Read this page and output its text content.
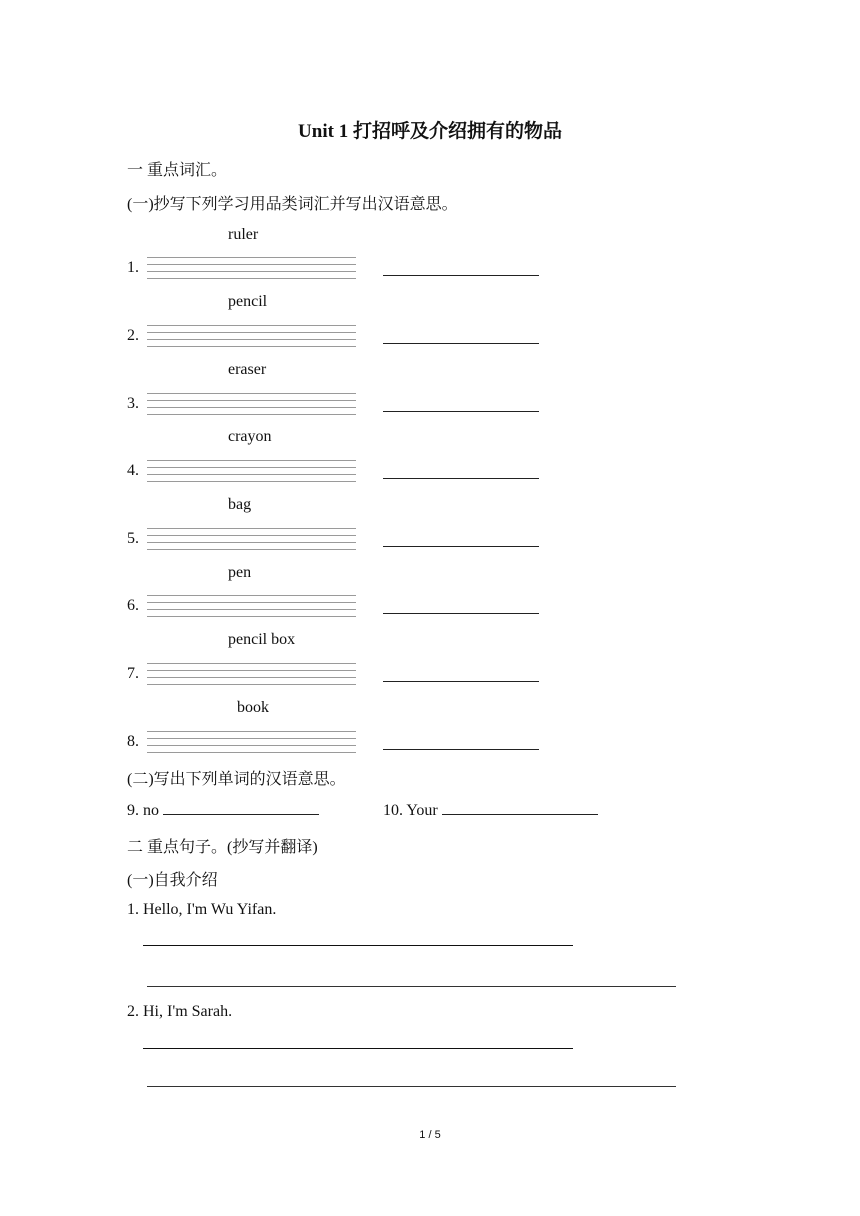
Unit 1 打招呼及介绍拥有的物品
一 重点词汇。
(一)抄写下列学习用品类词汇并写出汉语意思。
ruler
1.
pencil
2.
eraser
3.
crayon
4.
bag
5.
pen
6.
pencil box
7.
book
8.
(二)写出下列单词的汉语意思。
9. no	10. Your
二 重点句子。(抄写并翻译)
(一)自我介绍
1. Hello, I'm Wu Yifan.
2. Hi, I'm Sarah.
1 / 5
